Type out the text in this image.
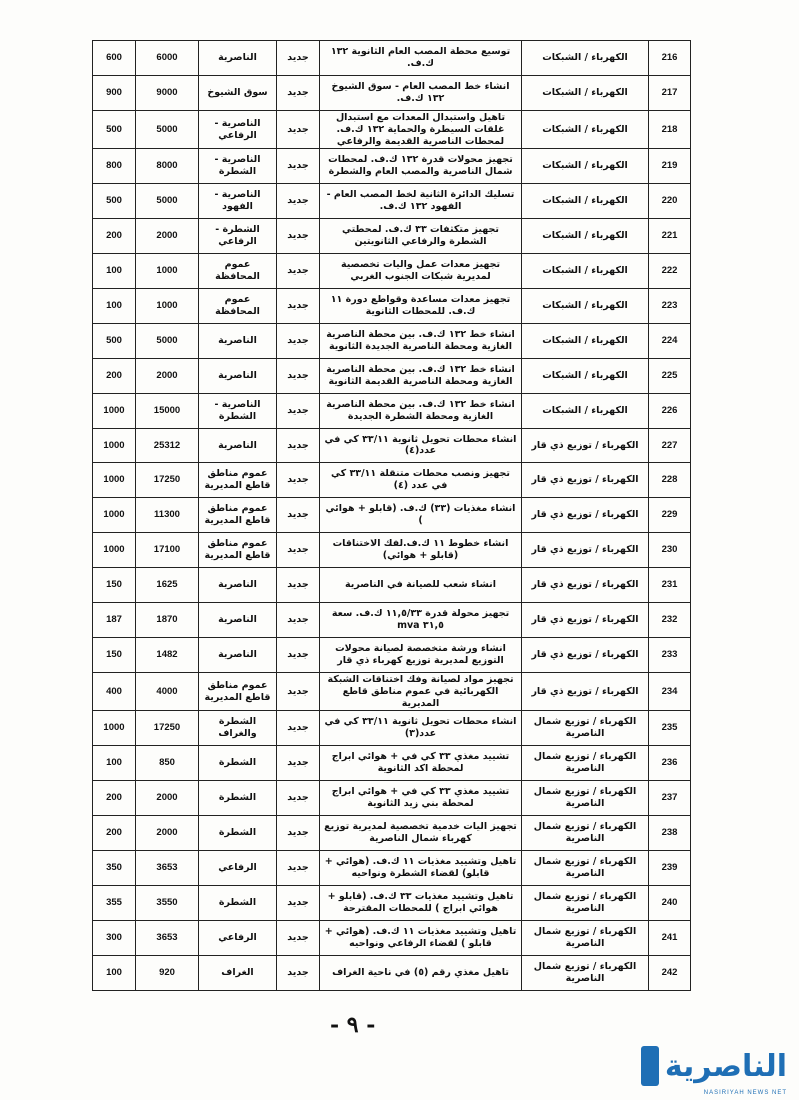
216	الكهرباء / الشبكات	توسيع محطة المصب العام الثانوية ١٣٢ ك.ف.	جديد	الناصرية	6000	600
217	الكهرباء / الشبكات	انشاء خط المصب العام - سوق الشيوخ ١٣٢ ك.ف.	جديد	سوق الشيوخ	9000	900
218	الكهرباء / الشبكات	تاهيل واستبدال المعدات مع استبدال غلقات السيطرة والحماية ١٣٢ ك.ف. لمحطات الناصرية القديمة والرفاعي	جديد	الناصرية - الرفاعي	5000	500
219	الكهرباء / الشبكات	تجهيز محولات قدرة ١٣٢ ك.ف. لمحطات شمال الناصرية والمصب العام والشطرة	جديد	الناصرية - الشطرة	8000	800
220	الكهرباء / الشبكات	تسليك الدائرة الثانية لخط المصب العام - الفهود ١٣٢ ك.ف.	جديد	الناصرية - الفهود	5000	500
221	الكهرباء / الشبكات	تجهيز متكثفات ٣٣ ك.ف. لمحطتي الشطرة والرفاعي الثانويتين	جديد	الشطرة - الرفاعي	2000	200
222	الكهرباء / الشبكات	تجهيز معدات عمل واليات تخصصية لمديرية شبكات الجنوب الغربي	جديد	عموم المحافظة	1000	100
223	الكهرباء / الشبكات	تجهيز معدات مساعدة وقواطع دورة ١١ ك.ف. للمحطات الثانوية	جديد	عموم المحافظة	1000	100
224	الكهرباء / الشبكات	انشاء خط ١٣٢ ك.ف. بين محطة الناصرية الغازية ومحطة الناصرية الجديدة الثانوية	جديد	الناصرية	5000	500
225	الكهرباء / الشبكات	انشاء خط ١٣٢ ك.ف. بين محطة الناصرية الغازية ومحطة الناصرية القديمة الثانوية	جديد	الناصرية	2000	200
226	الكهرباء / الشبكات	انشاء خط ١٣٢ ك.ف. بين محطة الناصرية الغازية ومحطة الشطرة الجديدة	جديد	الناصرية - الشطرة	15000	1000
227	الكهرباء / توزيع ذي قار	انشاء محطات تحويل ثانوية ٣٣/١١ كي في عدد(٤)	جديد	الناصرية	25312	1000
228	الكهرباء / توزيع ذي قار	تجهيز ونصب محطات متنقلة ٣٣/١١ كي في عدد (٤)	جديد	عموم مناطق قاطع المديرية	17250	1000
229	الكهرباء / توزيع ذي قار	انشاء مغذيات (٣٣) ك.ف. (قابلو + هوائي )	جديد	عموم مناطق قاطع المديرية	11300	1000
230	الكهرباء / توزيع ذي قار	انشاء خطوط ١١ ك.ف.لفك الاختناقات (قابلو + هوائي)	جديد	عموم مناطق قاطع المديرية	17100	1000
231	الكهرباء / توزيع ذي قار	انشاء شعب للصيانة في الناصرية	جديد	الناصرية	1625	150
232	الكهرباء / توزيع ذي قار	تجهيز محولة قدرة ١١,٥/٣٣ ك.ف. سعة ٣١,٥ mva	جديد	الناصرية	1870	187
233	الكهرباء / توزيع ذي قار	انشاء ورشة متخصصة لصيانة محولات التوزيع لمديرية توزيع كهرباء ذي قار	جديد	الناصرية	1482	150
234	الكهرباء / توزيع ذي قار	تجهيز مواد لصيانة وفك اختناقات الشبكة الكهربائية في عموم مناطق قاطع المديرية	جديد	عموم مناطق قاطع المديرية	4000	400
235	الكهرباء / توزيع شمال الناصرية	انشاء محطات تحويل ثانوية ٣٣/١١ كي في عدد(٣)	جديد	الشطرة والغراف	17250	1000
236	الكهرباء / توزيع شمال الناصرية	تشييد مغذي ٣٣ كي في + هوائي ابراج لمحطة اكد الثانوية	جديد	الشطرة	850	100
237	الكهرباء / توزيع شمال الناصرية	تشييد مغذي ٣٣ كي في + هوائي ابراج لمحطة بني زيد الثانوية	جديد	الشطرة	2000	200
238	الكهرباء / توزيع شمال الناصرية	تجهيز اليات خدمية تخصصية لمديرية توزيع كهرباء شمال الناصرية	جديد	الشطرة	2000	200
239	الكهرباء / توزيع شمال الناصرية	تاهيل وتشييد مغذيات ١١ ك.ف. (هوائي + قابلو) لقضاء الشطرة ونواحيه	جديد	الرفاعي	3653	350
240	الكهرباء / توزيع شمال الناصرية	تاهيل وتشييد مغذيات ٣٣ ك.ف. (قابلو + هوائي ابراج ) للمحطات المقترحة	جديد	الشطرة	3550	355
241	الكهرباء / توزيع شمال الناصرية	تاهيل وتشييد مغذيات ١١ ك.ف. (هوائي + قابلو ) لقضاء الرفاعي ونواحيه	جديد	الرفاعي	3653	300
242	الكهرباء / توزيع شمال الناصرية	تاهيل مغذي رقم (٥) في ناحية الغراف	جديد	الغراف	920	100
- ٩ -
الناصرية
NASIRIYAH NEWS NET
